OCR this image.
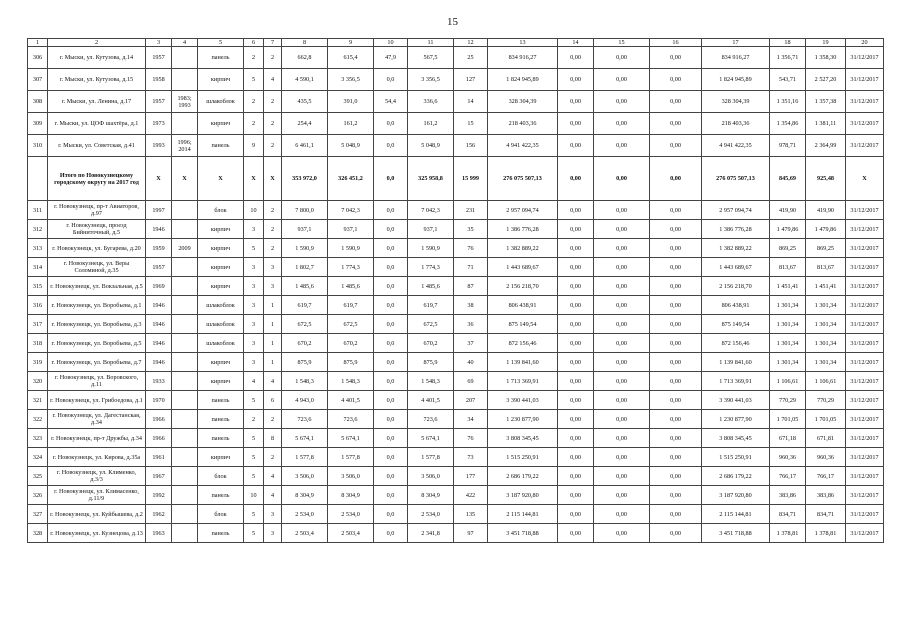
15
1	2	3	4	5	6	7	8	9	10	11	12	13	14	15	16	17	18	19	20
306	г. Мыски, ул. Кутузова, д.14	1957		панель	2	2	662,8	615,4	47,9	567,5	25	834 916,27	0,00	0,00	0,00	834 916,27	1 356,71	1 358,30	31/12/2017
307	г. Мыски, ул. Кутузова, д.15	1958		кирпич	5	4	4 590,1	3 356,5	0,0	3 356,5	127	1 824 945,89	0,00	0,00	0,00	1 824 945,89	543,71	2 527,20	31/12/2017
308	г. Мыски, ул. Ленина, д.17	1957	1983; 1993	шлакоблок	2	2	435,5	391,0	54,4	336,6	14	328 304,39	0,00	0,00	0,00	328 304,39	1 351,16	1 357,38	31/12/2017
309	г. Мыски, ул. ЦОФ шахтёра, д.1	1973		кирпич	2	2	254,4	161,2	0,0	161,2	15	218 403,36	0,00	0,00	0,00	218 403,36	1 354,86	1 381,11	31/12/2017
310	г. Мыски, ул. Советская, д.41	1993	1996; 2014	панель	9	2	6 461,1	5 048,9	0,0	5 048,9	156	4 941 422,35	0,00	0,00	0,00	4 941 422,35	978,71	2 364,99	31/12/2017
	Итого по Новокузнецкому городскому округу на 2017 год	X	X	X	X	X	353 972,0	326 451,2	0,0	325 958,8	15 999	276 075 507,13	0,00	0,00	0,00	276 075 507,13	845,69	925,48	X
311	г. Новокузнецк, пр-т Авиаторов, д.97	1997		блок	10	2	7 800,0	7 042,3	0,0	7 042,3	231	2 957 094,74	0,00	0,00	0,00	2 957 094,74	419,90	419,90	31/12/2017
312	г. Новокузнецк, проезд Бийниточный, д.5	1946		кирпич	3	2	937,1	937,1	0,0	937,1	35	1 386 776,28	0,00	0,00	0,00	1 386 776,28	1 479,86	1 479,86	31/12/2017
313	г. Новокузнецк, ул. Бугарева, д.20	1959	2009	кирпич	5	2	1 590,9	1 590,9	0,0	1 590,9	76	1 382 889,22	0,00	0,00	0,00	1 382 889,22	869,25	869,25	31/12/2017
314	г. Новокузнецк, ул. Веры Соломиной, д.35	1957		кирпич	3	3	1 802,7	1 774,3	0,0	1 774,3	71	1 443 689,67	0,00	0,00	0,00	1 443 689,67	813,67	813,67	31/12/2017
315	г. Новокузнецк, ул. Вокзальная, д.5	1969		кирпич	3	3	1 485,6	1 485,6	0,0	1 485,6	87	2 156 218,70	0,00	0,00	0,00	2 156 218,70	1 451,41	1 451,41	31/12/2017
316	г. Новокузнецк, ул. Воробьева, д.1	1946		шлакоблок	3	1	619,7	619,7	0,0	619,7	38	806 438,91	0,00	0,00	0,00	806 438,91	1 301,34	1 301,34	31/12/2017
317	г. Новокузнецк, ул. Воробьева, д.3	1946		шлакоблок	3	1	672,5	672,5	0,0	672,5	36	875 149,54	0,00	0,00	0,00	875 149,54	1 301,34	1 301,34	31/12/2017
318	г. Новокузнецк, ул. Воробьева, д.5	1946		шлакоблок	3	1	670,2	670,2	0,0	670,2	37	872 156,46	0,00	0,00	0,00	872 156,46	1 301,34	1 301,34	31/12/2017
319	г. Новокузнецк, ул. Воробьева, д.7	1946		кирпич	3	1	875,9	875,9	0,0	875,9	40	1 139 841,60	0,00	0,00	0,00	1 139 841,60	1 301,34	1 301,34	31/12/2017
320	г. Новокузнецк, ул. Воровского, д.11	1933		кирпич	4	4	1 548,3	1 548,3	0,0	1 548,3	69	1 713 369,91	0,00	0,00	0,00	1 713 369,91	1 106,61	1 106,61	31/12/2017
321	г. Новокузнецк, ул. Грибоедова, д.1	1970		панель	5	6	4 943,0	4 401,5	0,0	4 401,5	207	3 390 441,03	0,00	0,00	0,00	3 390 441,03	770,29	770,29	31/12/2017
322	г. Новокузнецк, ул. Дагестанская, д.34	1966		панель	2	2	723,6	723,6	0,0	723,6	34	1 230 877,90	0,00	0,00	0,00	1 230 877,90	1 701,05	1 701,05	31/12/2017
323	г. Новокузнецк, пр-т Дружбы, д.34	1966		панель	5	8	5 674,1	5 674,1	0,0	5 674,1	76	3 808 345,45	0,00	0,00	0,00	3 808 345,45	671,18	671,81	31/12/2017
324	г. Новокузнецк, ул. Кирова, д.35а	1961		кирпич	5	2	1 577,8	1 577,8	0,0	1 577,8	73	1 515 250,91	0,00	0,00	0,00	1 515 250,91	960,36	960,36	31/12/2017
325	г. Новокузнецк, ул. Клименко, д.3/3	1967		блок	5	4	3 506,0	3 506,0	0,0	3 506,0	177	2 686 179,22	0,00	0,00	0,00	2 686 179,22	766,17	766,17	31/12/2017
326	г. Новокузнецк, ул. Климасенко, д.11/9	1992		панель	10	4	8 304,9	8 304,9	0,0	8 304,9	422	3 187 920,80	0,00	0,00	0,00	3 187 920,80	383,86	383,86	31/12/2017
327	г. Новокузнецк, ул. Куйбышева, д.2	1962		блок	5	3	2 534,0	2 534,0	0,0	2 534,0	135	2 115 144,81	0,00	0,00	0,00	2 115 144,81	834,71	834,71	31/12/2017
328	г. Новокузнецк, ул. Кузнецова, д.13	1963		панель	5	3	2 503,4	2 503,4	0,0	2 341,8	97	3 451 718,88	0,00	0,00	0,00	3 451 718,88	1 378,81	1 378,81	31/12/2017
